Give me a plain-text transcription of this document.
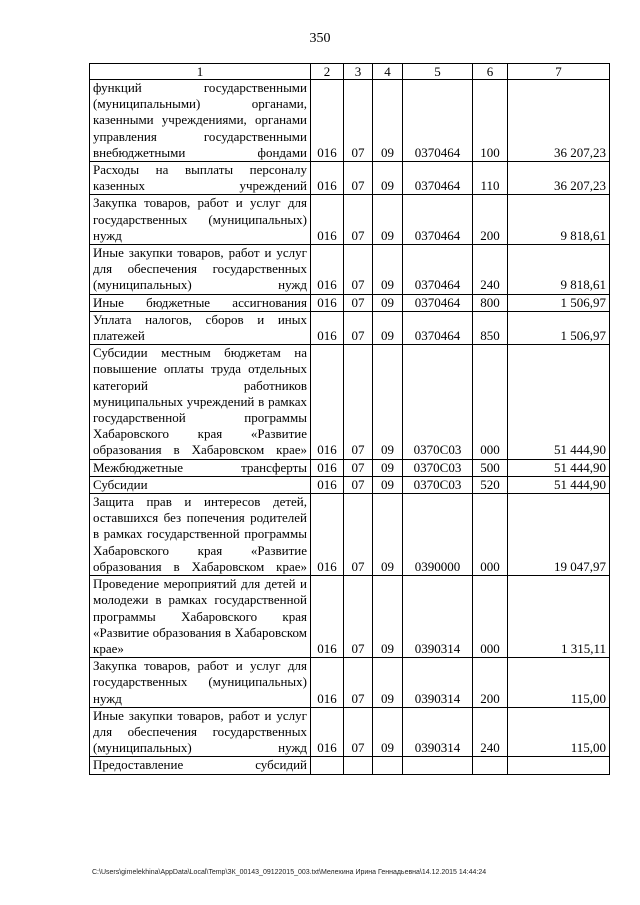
350
1	2	3	4	5	6	7
функций государственными (муниципальными) органами, казенными учреждениями, органами управления государственными внебюджетными фондами	016	07	09	0370464	100	36 207,23
Расходы на выплаты персоналу казенных учреждений	016	07	09	0370464	110	36 207,23
Закупка товаров, работ и услуг для государственных (муниципальных) нужд	016	07	09	0370464	200	9 818,61
Иные закупки товаров, работ и услуг для обеспечения государственных (муниципальных) нужд	016	07	09	0370464	240	9 818,61
Иные бюджетные ассигнования	016	07	09	0370464	800	1 506,97
Уплата налогов, сборов и иных платежей	016	07	09	0370464	850	1 506,97
Субсидии местным бюджетам на повышение оплаты труда отдельных категорий работников муниципальных учреждений в рамках государственной программы Хабаровского края «Развитие образования в Хабаровском крае»	016	07	09	0370С03	000	51 444,90
Межбюджетные трансферты	016	07	09	0370С03	500	51 444,90
Субсидии	016	07	09	0370С03	520	51 444,90
Защита прав и интересов детей, оставшихся без попечения родителей в рамках государственной программы Хабаровского края «Развитие образования в Хабаровском крае»	016	07	09	0390000	000	19 047,97
Проведение мероприятий для детей и молодежи в рамках государственной программы Хабаровского края «Развитие образования в Хабаровском крае»	016	07	09	0390314	000	1 315,11
Закупка товаров, работ и услуг для государственных (муниципальных) нужд	016	07	09	0390314	200	115,00
Иные закупки товаров, работ и услуг для обеспечения государственных (муниципальных) нужд	016	07	09	0390314	240	115,00
Предоставление субсидий						
C:\Users\gimelekhina\AppData\Local\Temp\ЗК_00143_09122015_003.txt\Мелехина Ирина Геннадьевна\14.12.2015 14:44:24
